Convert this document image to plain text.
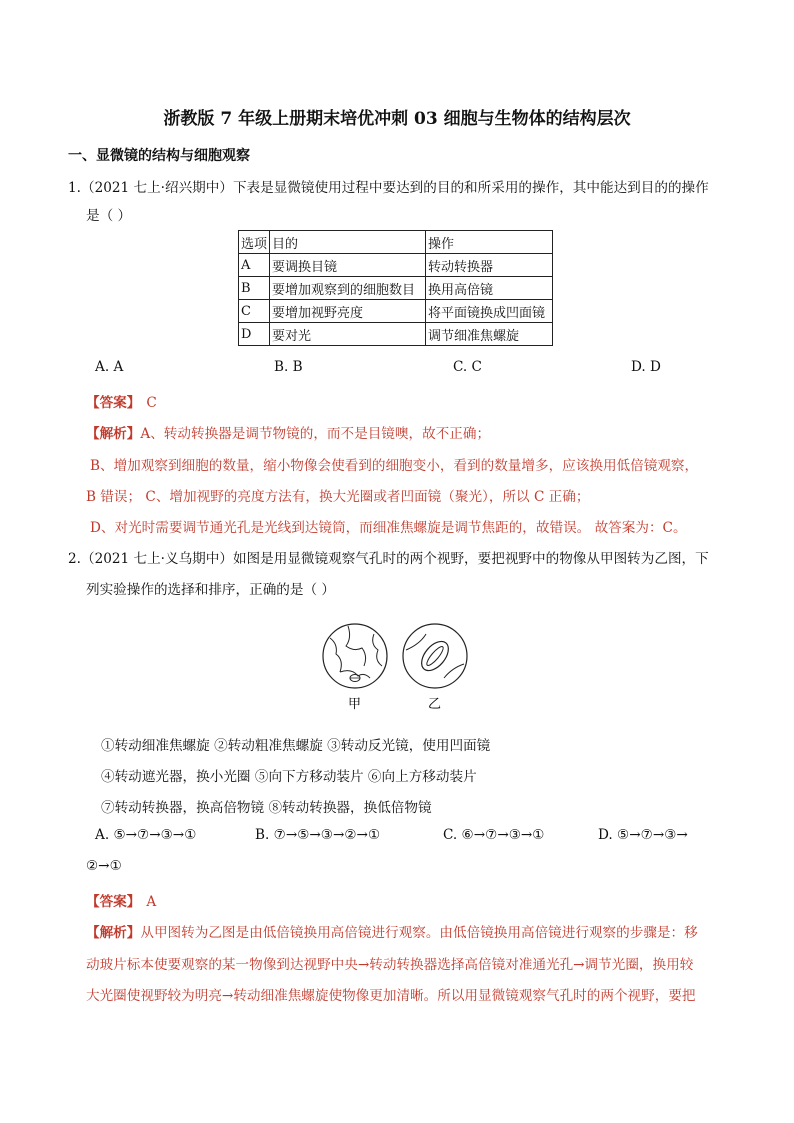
浙教版 7 年级上册期末培优冲刺 03 细胞与生物体的结构层次
一、显微镜的结构与细胞观察
1.（2021 七上·绍兴期中）下表是显微镜使用过程中要达到的目的和所采用的操作，其中能达到目的的操作
是（ ）
选项	目的	操作
A	要调换目镜	转动转换器
B	要增加观察到的细胞数目	换用高倍镜
C	要增加视野亮度	将平面镜换成凹面镜
D	要对光	调节细准焦螺旋
A. A	B. B	C. C	D. D
【答案】 C
【解析】A、转动转换器是调节物镜的，而不是目镜噢，故不正确；
B、增加观察到细胞的数量，缩小物像会使看到的细胞变小，看到的数量增多，应该换用低倍镜观察，
B 错误； C、增加视野的亮度方法有，换大光圈或者凹面镜（聚光），所以 C 正确；
D、对光时需要调节通光孔是光线到达镜筒，而细准焦螺旋是调节焦距的，故错误。 故答案为：C。
2.（2021 七上·义乌期中）如图是用显微镜观察气孔时的两个视野，要把视野中的物像从甲图转为乙图，下
列实验操作的选择和排序，正确的是（ ）
甲	乙
①转动细准焦螺旋 ②转动粗准焦螺旋 ③转动反光镜，使用凹面镜
④转动遮光器，换小光圈 ⑤向下方移动装片 ⑥向上方移动装片
⑦转动转换器，换高倍物镜 ⑧转动转换器，换低倍物镜
A. ⑤→⑦→③→①	B. ⑦→⑤→③→②→①	C. ⑥→⑦→③→①	D. ⑤→⑦→③→
②→①
【答案】 A
【解析】从甲图转为乙图是由低倍镜换用高倍镜进行观察。由低倍镜换用高倍镜进行观察的步骤是：移
动玻片标本使要观察的某一物像到达视野中央→转动转换器选择高倍镜对准通光孔→调节光圈，换用较
大光圈使视野较为明亮→转动细准焦螺旋使物像更加清晰。所以用显微镜观察气孔时的两个视野，要把
